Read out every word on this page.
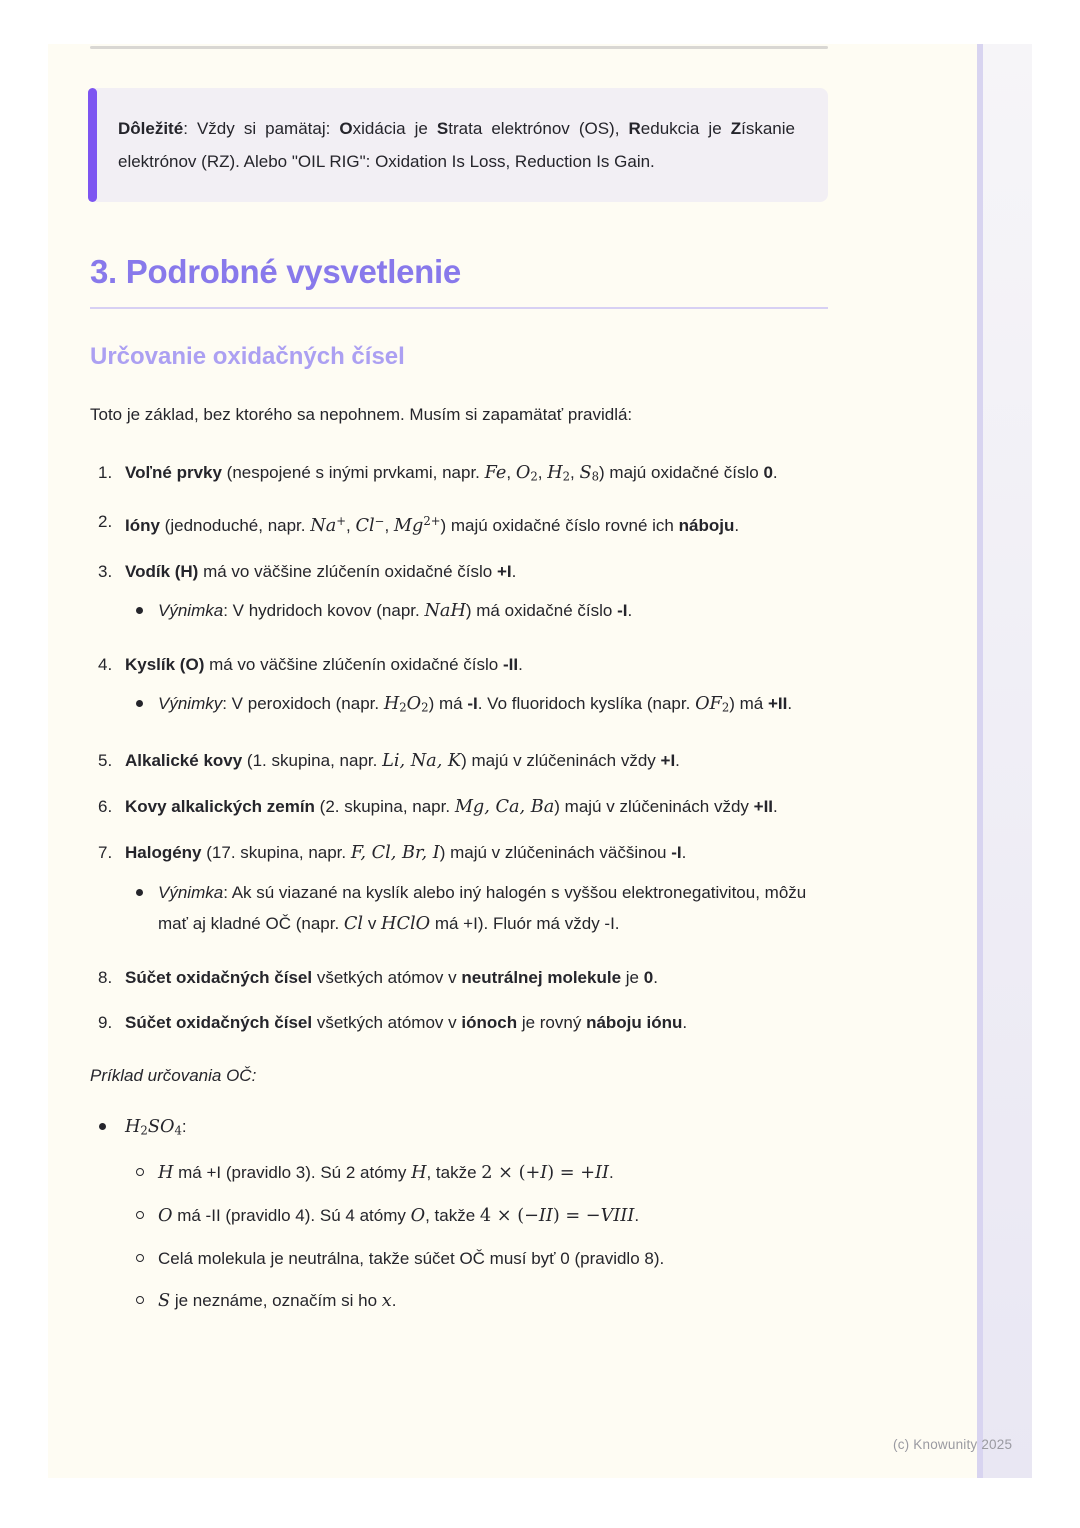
Dôležité: Vždy si pamätaj: Oxidácia je Strata elektrónov (OS), Redukcia je Získanie elektrónov (RZ). Alebo "OIL RIG": Oxidation Is Loss, Reduction Is Gain.

3. Podrobné vysvetlenie
Určovanie oxidačných čísel

Toto je základ, bez ktorého sa nepohnem. Musím si zapamätať pravidlá:

1. Voľné prvky (nespojené s inými prvkami, napr. Fe, $O_2$, $H_2$, $S_8$) majú oxidačné číslo 0.
2. Ióny (jednoduché, napr. Na+, Cl−, $Mg^{2+}$) majú oxidačné číslo rovné ich náboju.
3. Vodík (H) má vo väčšine zlúčenín oxidačné číslo +I.
Výnimka: V hydridoch kovov (napr. NaH) má oxidačné číslo -I.
4. Kyslík (O) má vo väčšine zlúčenín oxidačné číslo -II.
Výnimky: V peroxidoch (napr. $H_2O_2$) má -I. Vo fluoridoch kyslíka (napr. $OF_2$) má +II.
5. Alkalické kovy (1. skupina, napr. Li, Na, K) majú v zlúčeninách vždy +I.
6. Kovy alkalických zemín (2. skupina, napr. Mg, Ca, Ba) majú v zlúčeninách vždy +II.
7. Halogény (17. skupina, napr. F, Cl, Br, I) majú v zlúčeninách väčšinou -I.
Výnimka: Ak sú viazané na kyslík alebo iný halogén s vyššou elektronegativitou, môžu mať aj kladné OČ (napr. Cl v HClO má +I). Fluór má vždy -I.
8. Súčet oxidačných čísel všetkých atómov v neutrálnej molekule je 0.
9. Súčet oxidačných čísel všetkých atómov v iónoch je rovný náboju iónu.

Príklad určovania OČ:

$H_2SO_4$:
H má +I (pravidlo 3). Sú 2 atómy H, takže 2 × (+I) = +II.
O má -II (pravidlo 4). Sú 4 atómy O, takže 4 × (−II) = −VIII.
Celá molekula je neutrálna, takže súčet OČ musí byť 0 (pravidlo 8).
S je neznáme, označím si ho x.
(c) Knowunity 2025
